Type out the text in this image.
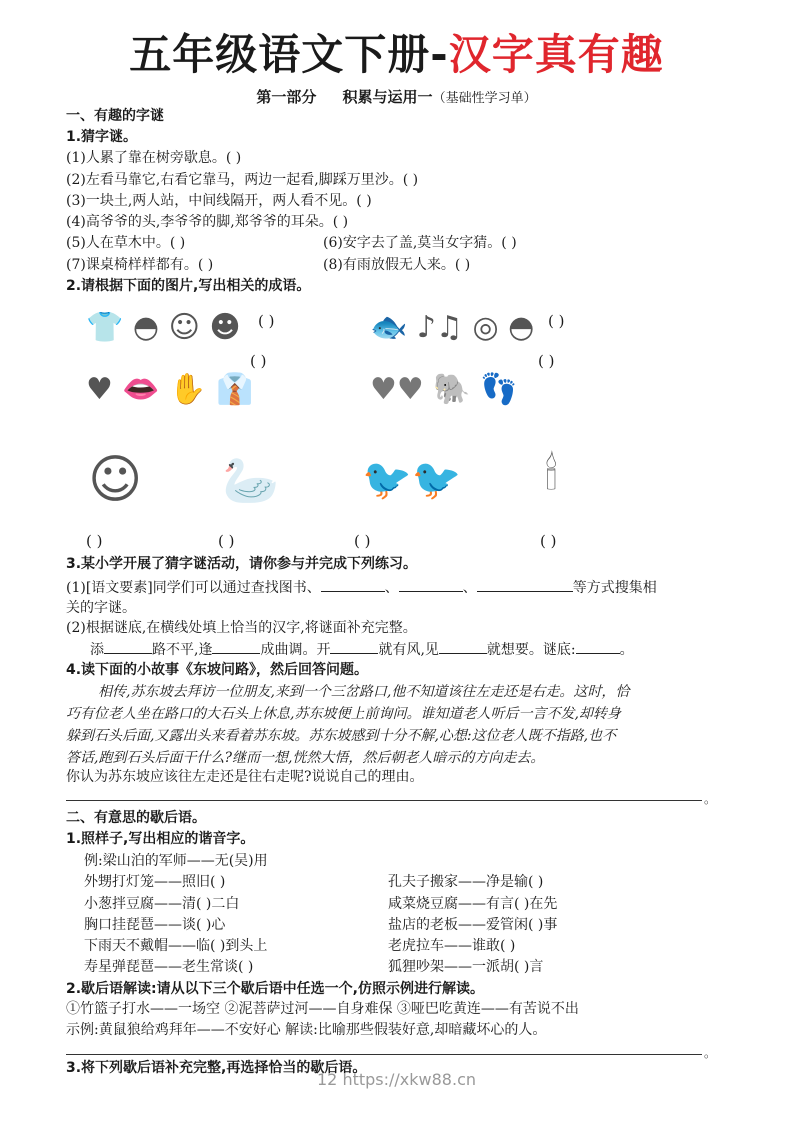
五年级语文下册-汉字真有趣
第一部分 积累与运用一（基础性学习单）
一、有趣的字谜
1.猜字谜。
(1)人累了靠在树旁歇息。( )
(2)左看马靠它,右看它靠马，两边一起看,脚踩万里沙。( )
(3)一块土,两人站，中间线隔开，两人看不见。( )
(4)高爷爷的头,李爷爷的脚,郑爷爷的耳朵。( )
(5)人在草木中。( )	(6)安字去了盖,莫当女字猜。( )
(7)课桌椅样样都有。( )	(8)有雨放假无人来。( )
2.请根据下面的图片,写出相关的成语。
👕 ◓ ☺ ☻ ( )	🐟 ♪♫ ◎ ◓ ( )
( )	( )
♥ 👄 ✋ 👔	♥♥ 🐘 👣
☺ 🦢 🐦🐦 🕯
( )	( )	( )	( )
3.某小学开展了猜字谜活动，请你参与并完成下列练习。
(1)[语文要素]同学们可以通过查找图书、	、	、	等方式搜集相
关的字谜。
(2)根据谜底,在横线处填上恰当的汉字,将谜面补充完整。
添	路不平,逢	成曲调。开	就有风,见	就想要。谜底:	。
4.读下面的小故事《东坡问路》，然后回答问题。
相传,苏东坡去拜访一位朋友,来到一个三岔路口,他不知道该往左走还是右走。这时，恰
巧有位老人坐在路口的大石头上休息,苏东坡便上前询问。谁知道老人听后一言不发,却转身
躲到石头后面,又露出头来看着苏东坡。苏东坡感到十分不解,心想:这位老人既不指路,也不
答话,跑到石头后面干什么?继而一想,恍然大悟，然后朝老人暗示的方向走去。
你认为苏东坡应该往左走还是往右走呢?说说自己的理由。
。
二、有意思的歇后语。
1.照样子,写出相应的谐音字。
例:梁山泊的军师——无(吴)用
外甥打灯笼——照旧( )
小葱拌豆腐——清( )二白
胸口挂琵琶——谈( )心
下雨天不戴帽——临( )到头上
寿星弹琵琶——老生常谈( )
孔夫子搬家——净是输( )
咸菜烧豆腐——有言( )在先
盐店的老板——爱管闲( )事
老虎拉车——谁敢( )
狐狸吵架——一派胡( )言
2.歇后语解读:请从以下三个歇后语中任选一个,仿照示例进行解读。
①竹篮子打水——一场空 ②泥菩萨过河——自身难保 ③哑巴吃黄连——有苦说不出
示例:黄鼠狼给鸡拜年——不安好心 解读:比喻那些假装好意,却暗藏坏心的人。
。
3.将下列歇后语补充完整,再选择恰当的歇后语。
12 https://xkw88.cn
